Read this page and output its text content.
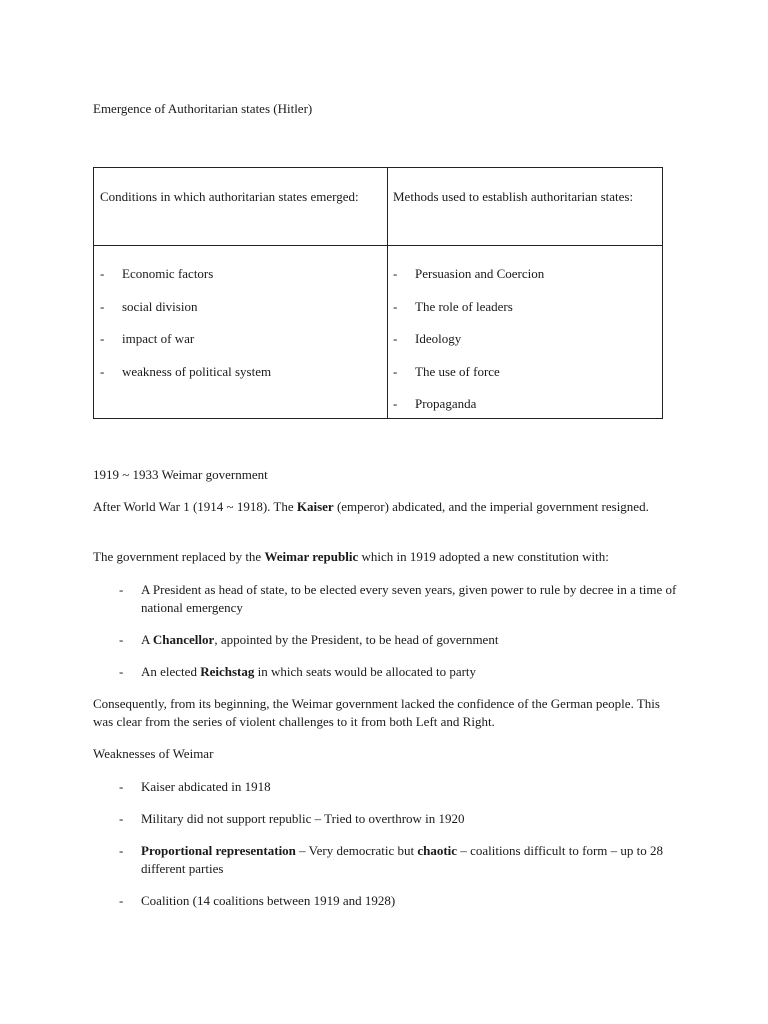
Emergence of Authoritarian states (Hitler)
Conditions in which authoritarian states emerged:	Methods used to establish authoritarian states:
- Economic factors
- social division
- impact of war
- weakness of political system
- Persuasion and Coercion
- The role of leaders
- Ideology
- The use of force
- Propaganda
1919 ~ 1933 Weimar government
After World War 1 (1914 ~ 1918). The Kaiser (emperor) abdicated, and the imperial government resigned.
The government replaced by the Weimar republic which in 1919 adopted a new constitution with:
- A President as head of state, to be elected every seven years, given power to rule by decree in a time of national emergency
- A Chancellor, appointed by the President, to be head of government
- An elected Reichstag in which seats would be allocated to party
Consequently, from its beginning, the Weimar government lacked the confidence of the German people. This was clear from the series of violent challenges to it from both Left and Right.
Weaknesses of Weimar
- Kaiser abdicated in 1918
- Military did not support republic – Tried to overthrow in 1920
- Proportional representation – Very democratic but chaotic – coalitions difficult to form – up to 28 different parties
- Coalition (14 coalitions between 1919 and 1928)
